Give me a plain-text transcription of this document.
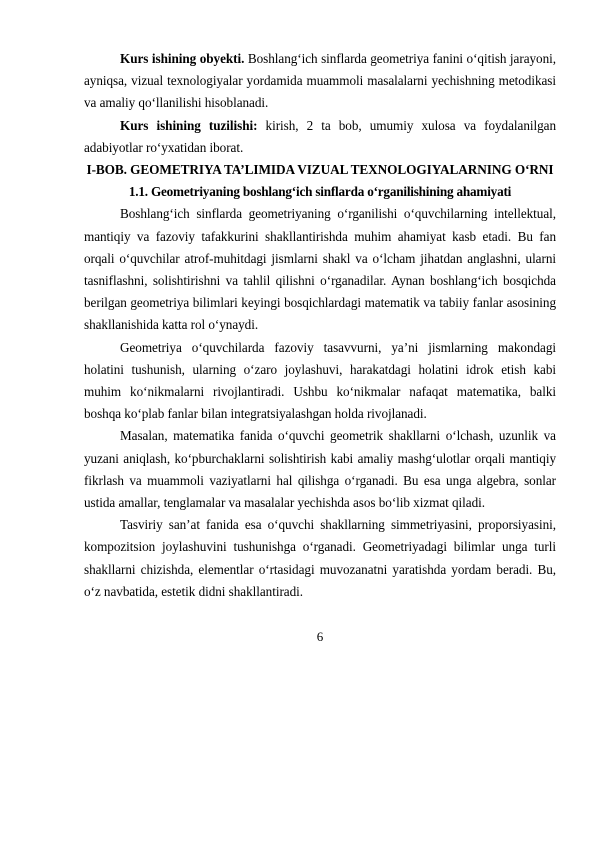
Kurs ishining obyekti. Boshlang‘ich sinflarda geometriya fanini o‘qitish jarayoni, ayniqsa, vizual texnologiyalar yordamida muammoli masalalarni yechishning metodikasi va amaliy qo‘llanilishi hisoblanadi.

Kurs ishining tuzilishi: kirish, 2 ta bob, umumiy xulosa va foydalanilgan adabiyotlar ro‘yxatidan iborat.

I-BOB. GEOMETRIYA TA’LIMIDA VIZUAL TEXNOLOGIYALARNING O‘RNI
1.1. Geometriyaning boshlang‘ich sinflarda o‘rganilishining ahamiyati

Boshlang‘ich sinflarda geometriyaning o‘rganilishi o‘quvchilarning intellektual, mantiqiy va fazoviy tafakkurini shakllantirishda muhim ahamiyat kasb etadi. Bu fan orqali o‘quvchilar atrof-muhitdagi jismlarni shakl va o‘lcham jihatdan anglashni, ularni tasniflashni, solishtirishni va tahlil qilishni o‘rganadilar. Aynan boshlang‘ich bosqichda berilgan geometriya bilimlari keyingi bosqichlardagi matematik va tabiiy fanlar asosining shakllanishida katta rol o‘ynaydi.

Geometriya o‘quvchilarda fazoviy tasavvurni, ya’ni jismlarning makondagi holatini tushunish, ularning o‘zaro joylashuvi, harakatdagi holatini idrok etish kabi muhim ko‘nikmalarni rivojlantiradi. Ushbu ko‘nikmalar nafaqat matematika, balki boshqa ko‘plab fanlar bilan integratsiyalashgan holda rivojlanadi.

Masalan, matematika fanida o‘quvchi geometrik shakllarni o‘lchash, uzunlik va yuzani aniqlash, ko‘pburchaklarni solishtirish kabi amaliy mashg‘ulotlar orqali mantiqiy fikrlash va muammoli vaziyatlarni hal qilishga o‘rganadi. Bu esa unga algebra, sonlar ustida amallar, tenglamalar va masalalar yechishda asos bo‘lib xizmat qiladi.

Tasviriy san’at fanida esa o‘quvchi shakllarning simmetriyasini, proporsiyasini, kompozitsion joylashuvini tushunishga o‘rganadi. Geometriyadagi bilimlar unga turli shakllarni chizishda, elementlar o‘rtasidagi muvozanatni yaratishda yordam beradi. Bu, o‘z navbatida, estetik didni shakllantiradi.

6
